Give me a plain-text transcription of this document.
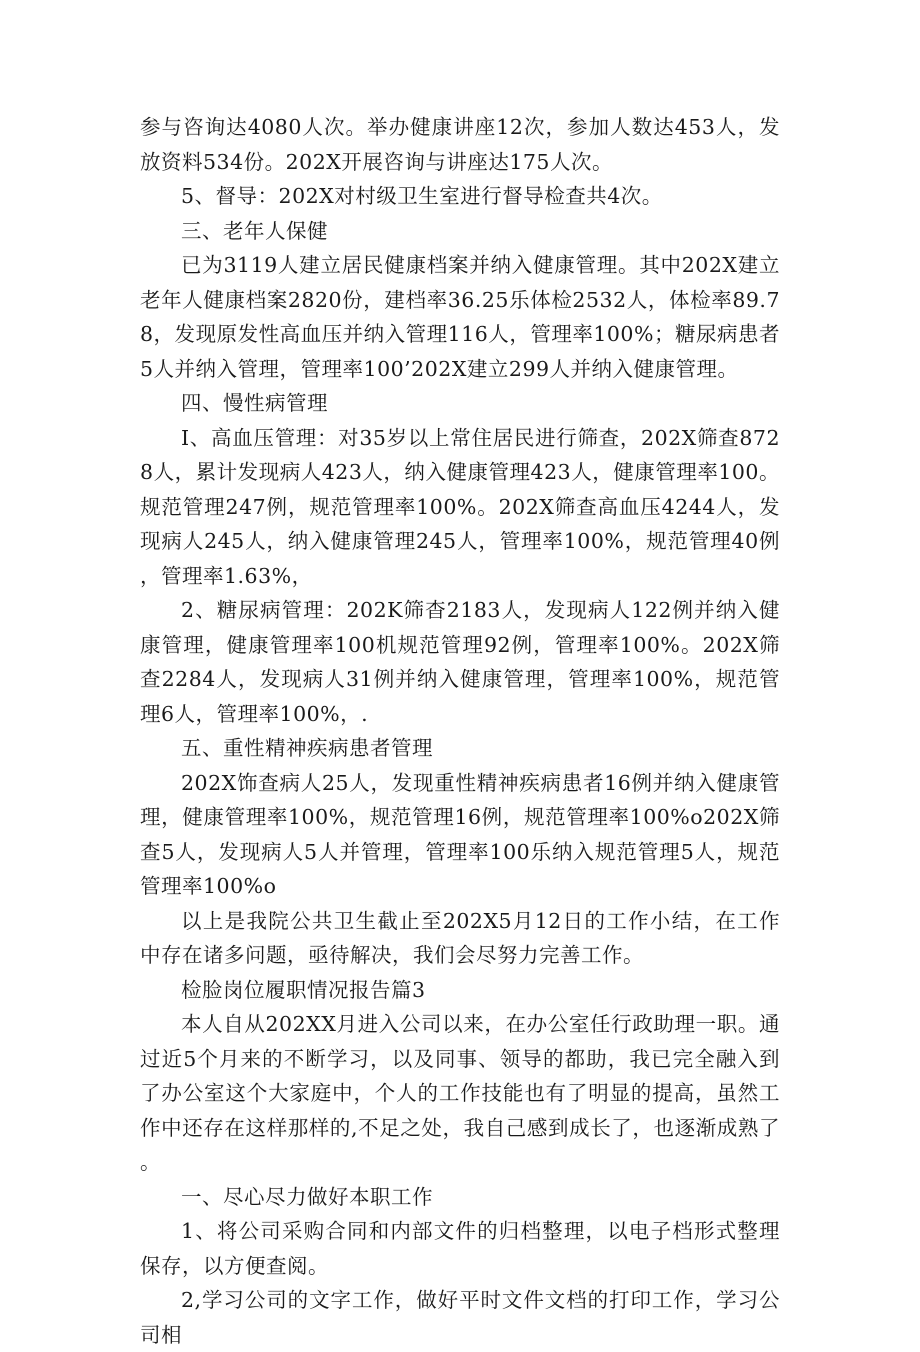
参与咨询达4080人次。举办健康讲座12次，参加人数达453人，发放资料534份。202X开展咨询与讲座达175人次。

5、督导：202X对村级卫生室进行督导检查共4次。

三、老年人保健

已为3119人建立居民健康档案并纳入健康管理。其中202X建立老年人健康档案2820份，建档率36.25乐体检2532人，体检率89.78，发现原发性高血压并纳入管理116人，管理率100%；糖尿病患者5人并纳入管理，管理率100’202X建立299人并纳入健康管理。

四、慢性病管理

I、高血压管理：对35岁以上常住居民进行筛查，202X筛查8728人，累计发现病人423人，纳入健康管理423人，健康管理率100。规范管理247例，规范管理率100%。202X筛查高血压4244人，发现病人245人，纳入健康管理245人，管理率100%，规范管理40例，管理率1.63%，

2、糖尿病管理：202K筛杳2183人，发现病人122例并纳入健康管理，健康管理率100机规范管理92例，管理率100%。202X筛查2284人，发现病人31例并纳入健康管理，管理率100%，规范管理6人，管理率100%，.

五、重性精神疾病患者管理

202X饰查病人25人，发现重性精神疾病患者16例并纳入健康管理，健康管理率100%，规范管理16例，规范管理率100%o202X筛查5人，发现病人5人并管理，管理率100乐纳入规范管理5人，规范管理率100%o

以上是我院公共卫生截止至202X5月12日的工作小结，在工作中存在诸多问题，亟待解决，我们会尽努力完善工作。

检脸岗位履职情况报告篇3

本人自从202XX月进入公司以来，在办公室任行政助理一职。通过近5个月来的不断学习，以及同事、领导的都助，我已完全融入到了办公室这个大家庭中，个人的工作技能也有了明显的提高，虽然工作中还存在这样那样的,不足之处，我自己感到成长了，也逐渐成熟了。

一、尽心尽力做好本职工作

1、将公司采购合同和内部文件的归档整理，以电子档形式整理保存，以方便查阅。

2,学习公司的文字工作，做好平时文件文档的打印工作，学习公司相
